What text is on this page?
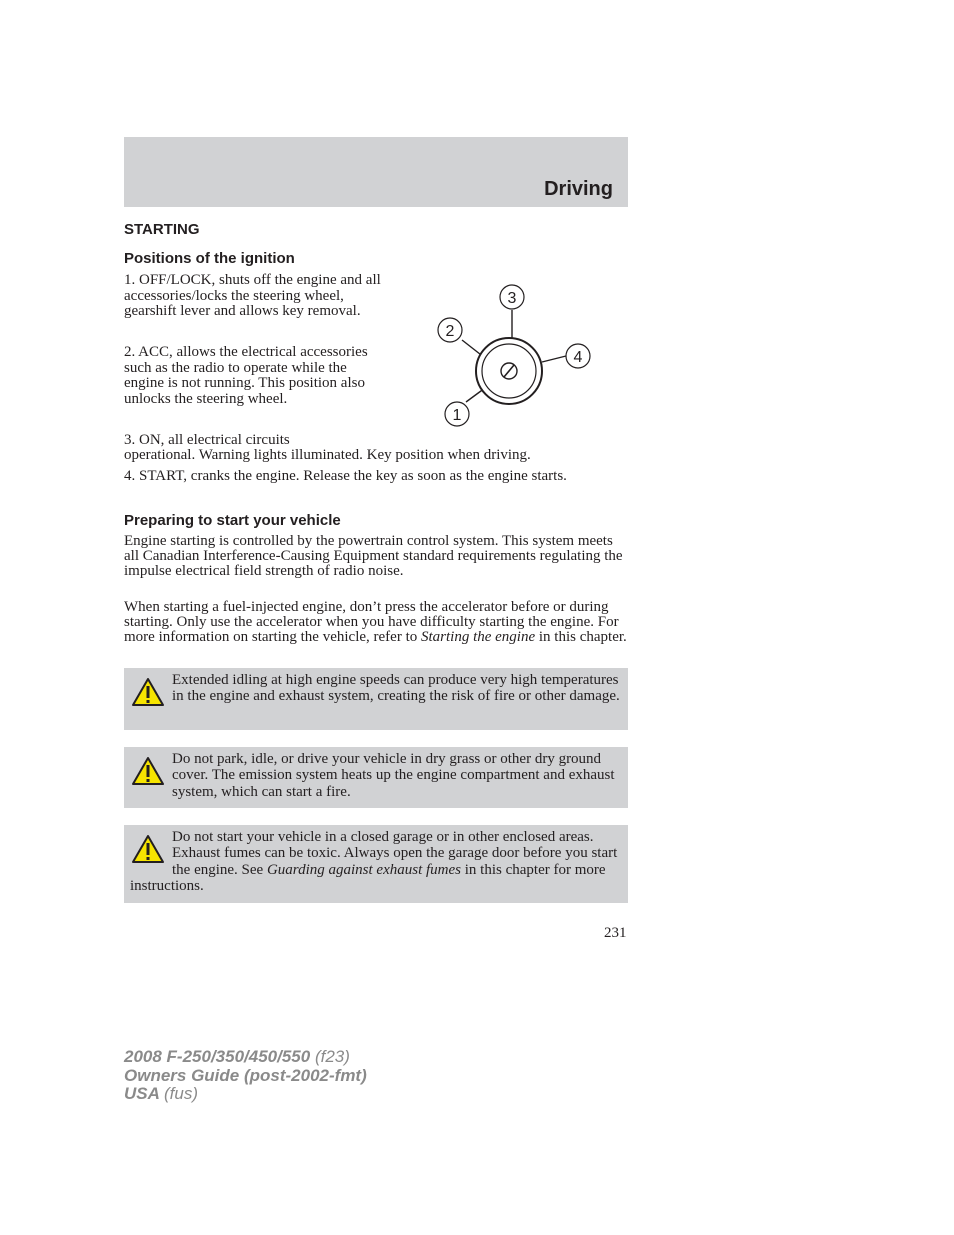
Driving
STARTING
Positions of the ignition

1. OFF/LOCK, shuts off the engine and all accessories/locks the steering wheel, gearshift lever and allows key removal.

2. ACC, allows the electrical accessories such as the radio to operate while the engine is not running. This position also unlocks the steering wheel.

3. ON, all electrical circuits

operational. Warning lights illuminated. Key position when driving.

4. START, cranks the engine. Release the key as soon as the engine starts.

3
2
4
1
Preparing to start your vehicle

Engine starting is controlled by the powertrain control system. This system meets all Canadian Interference-Causing Equipment standard requirements regulating the impulse electrical field strength of radio noise.

When starting a fuel-injected engine, don’t press the accelerator before or during starting. Only use the accelerator when you have difficulty starting the engine. For more information on starting the vehicle, refer to Starting the engine in this chapter.

Extended idling at high engine speeds can produce very high temperatures in the engine and exhaust system, creating the risk of fire or other damage.

Do not park, idle, or drive your vehicle in dry grass or other dry ground cover. The emission system heats up the engine compartment and exhaust system, which can start a fire.

Do not start your vehicle in a closed garage or in other enclosed areas. Exhaust fumes can be toxic. Always open the garage door before you start the engine. See Guarding against exhaust fumes in this chapter for more instructions.

231
2008 F-250/350/450/550 (f23)
Owners Guide (post-2002-fmt)
USA (fus)
